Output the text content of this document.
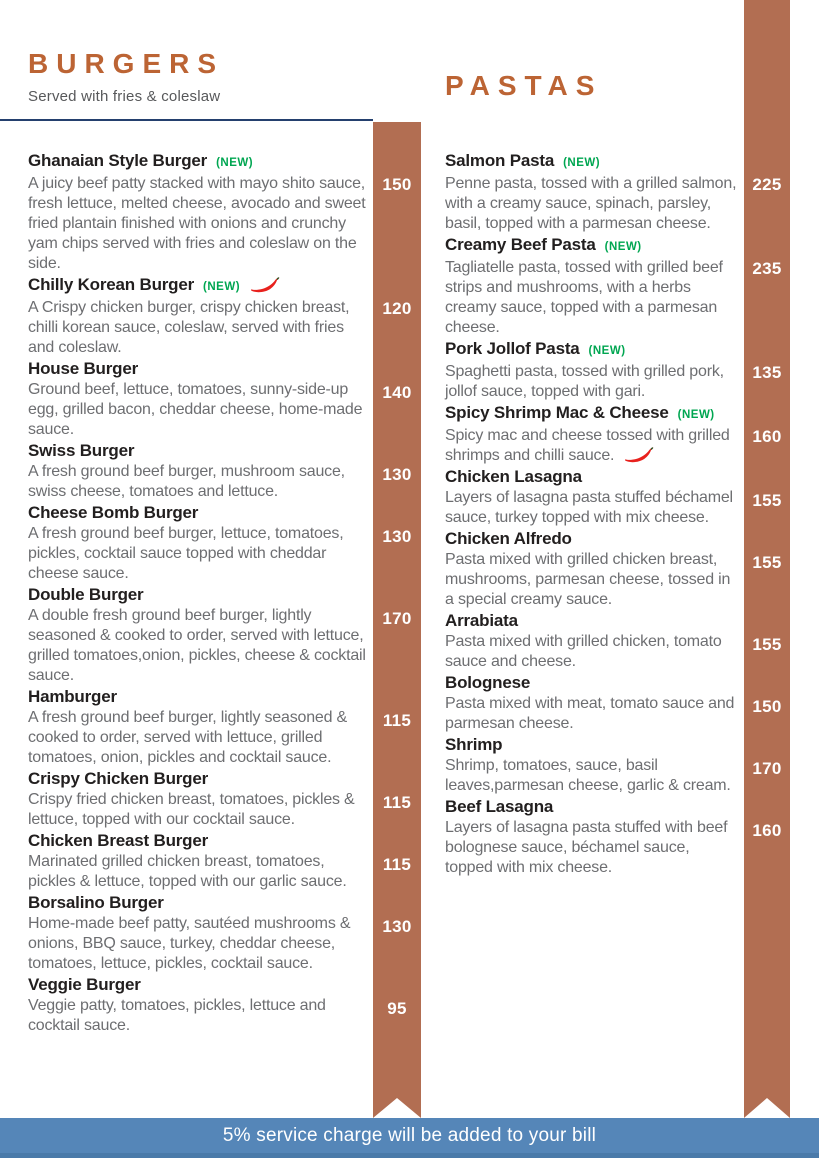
BURGERS

Served with fries & coleslaw	PASTAS
Ghanaian Style Burger (NEW)

A juicy beef patty stacked with mayo shito sauce, fresh lettuce, melted cheese, avocado and sweet fried plantain finished with onions and crunchy yam chips served with fries and coleslaw on the side.

150
Chilly Korean Burger (NEW)

A Crispy chicken burger, crispy chicken breast, chilli korean sauce, coleslaw, served with fries and coleslaw.

120
House Burger

Ground beef, lettuce, tomatoes, sunny-side-up egg, grilled bacon, cheddar cheese, home-made sauce.

140
Swiss Burger

A fresh ground beef burger, mushroom sauce, swiss cheese, tomatoes and lettuce.

130
Cheese Bomb Burger

A fresh ground beef burger, lettuce, tomatoes, pickles, cocktail sauce topped with cheddar cheese sauce.

130
Double Burger

A double fresh ground beef burger, lightly seasoned & cooked to order, served with lettuce, grilled tomatoes,onion, pickles, cheese & cocktail sauce.

170
Hamburger

A fresh ground beef burger, lightly seasoned & cooked to order, served with lettuce, grilled tomatoes, onion, pickles and cocktail sauce.

115
Crispy Chicken Burger

Crispy fried chicken breast, tomatoes, pickles & lettuce, topped with our cocktail sauce.

115
Chicken Breast Burger

Marinated grilled chicken breast, tomatoes, pickles & lettuce, topped with our garlic sauce.

115
Borsalino Burger

Home-made beef patty, sautéed mushrooms & onions, BBQ sauce, turkey, cheddar cheese, tomatoes, lettuce, pickles, cocktail sauce.

130
Veggie Burger

Veggie patty, tomatoes, pickles, lettuce and cocktail sauce.

95
Salmon Pasta (NEW)

Penne pasta, tossed with a grilled salmon, with a creamy sauce, spinach, parsley, basil, topped with a parmesan cheese.

225
Creamy Beef Pasta (NEW)

Tagliatelle pasta, tossed with grilled beef strips and mushrooms, with a herbs creamy sauce, topped with a parmesan cheese.

235
Pork Jollof Pasta (NEW)

Spaghetti pasta, tossed with grilled pork, jollof sauce, topped with gari.

135
Spicy Shrimp Mac & Cheese (NEW)

Spicy mac and cheese tossed with grilled shrimps and chilli sauce.

160
Chicken Lasagna

Layers of lasagna pasta stuffed béchamel sauce, turkey topped with mix cheese.

155
Chicken Alfredo

Pasta mixed with grilled chicken breast, mushrooms, parmesan cheese, tossed in a special creamy sauce.

155
Arrabiata

Pasta mixed with grilled chicken, tomato sauce and cheese.

155
Bolognese

Pasta mixed with meat, tomato sauce and parmesan cheese.

150
Shrimp

Shrimp, tomatoes, sauce, basil leaves,parmesan cheese, garlic & cream.

170
Beef Lasagna

Layers of lasagna pasta stuffed with beef bolognese sauce, béchamel sauce, topped with mix cheese.

160
5% service charge will be added to your bill
